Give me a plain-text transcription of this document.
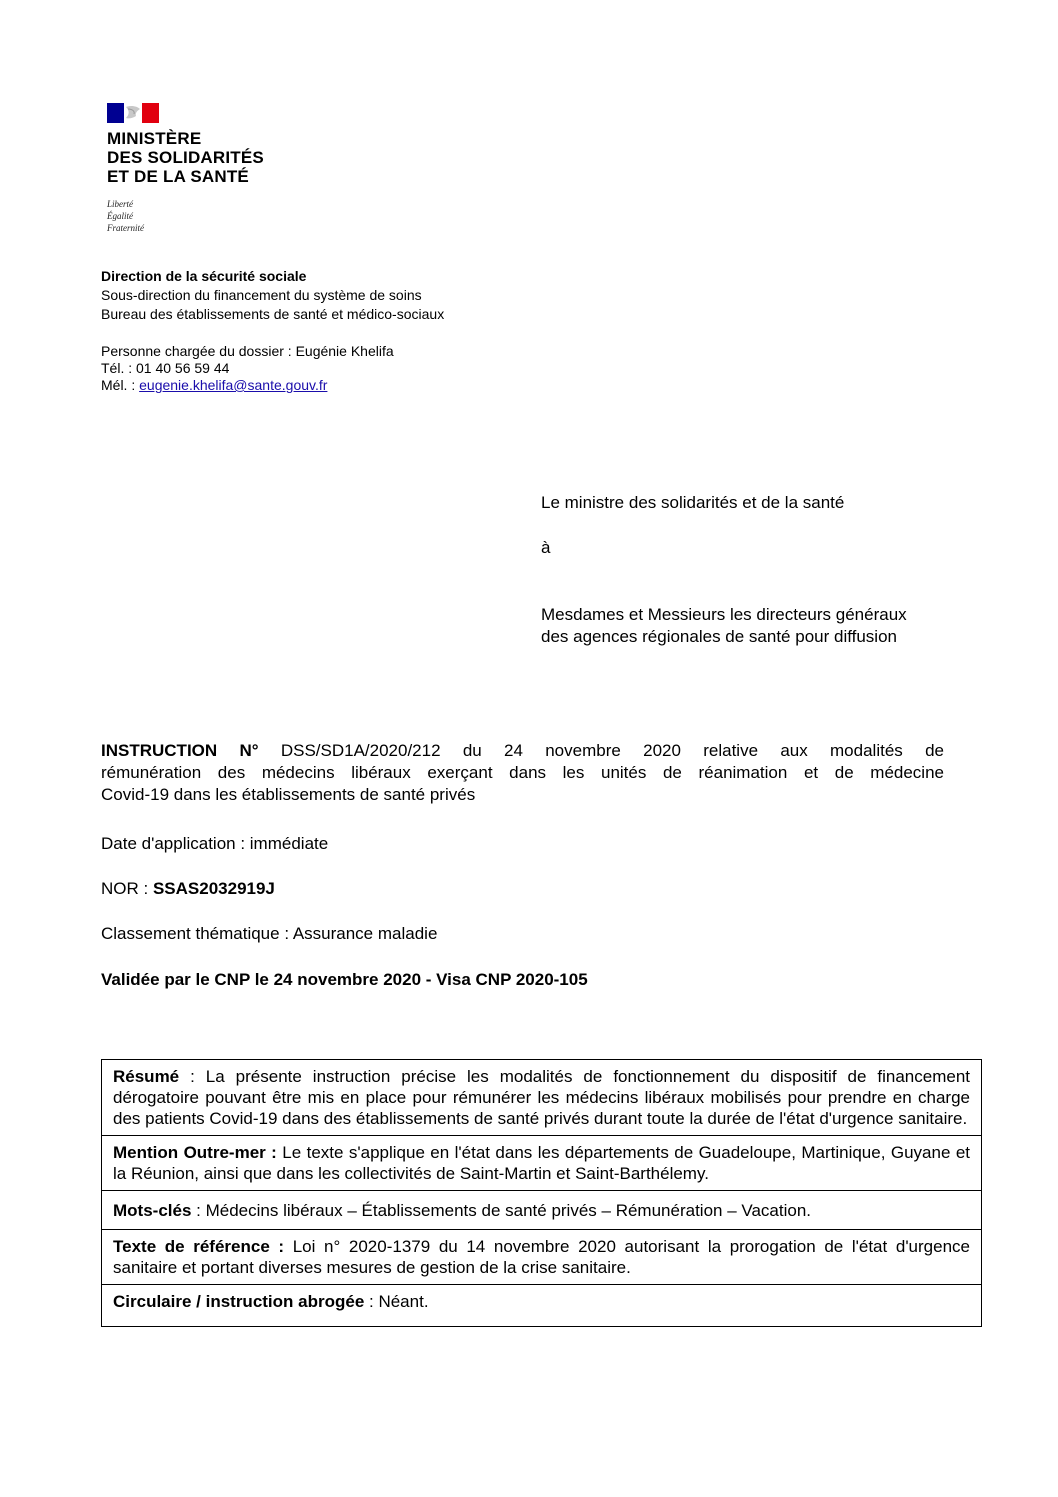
MINISTÈRE
DES SOLIDARITÉS
ET DE LA SANTÉ
Liberté
Égalité
Fraternité
Direction de la sécurité sociale
Sous-direction du financement du système de soins
Bureau des établissements de santé et médico-sociaux
Personne chargée du dossier : Eugénie Khelifa
Tél. : 01 40 56 59 44
Mél. : eugenie.khelifa@sante.gouv.fr
Le ministre des solidarités et de la santé
à
Mesdames et Messieurs les directeurs généraux
des agences régionales de santé pour diffusion
INSTRUCTION N° DSS/SD1A/2020/212 du 24 novembre 2020 relative aux modalités de
rémunération des médecins libéraux exerçant dans les unités de réanimation et de médecine
Covid-19 dans les établissements de santé privés
Date d'application : immédiate
NOR : SSAS2032919J
Classement thématique : Assurance maladie
Validée par le CNP le 24 novembre 2020 - Visa CNP 2020-105
Résumé : La présente instruction précise les modalités de fonctionnement du dispositif de financement dérogatoire pouvant être mis en place pour rémunérer les médecins libéraux mobilisés pour prendre en charge des patients Covid-19 dans des établissements de santé privés durant toute la durée de l'état d'urgence sanitaire.
Mention Outre-mer : Le texte s'applique en l'état dans les départements de Guadeloupe, Martinique, Guyane et la Réunion, ainsi que dans les collectivités de Saint-Martin et Saint-Barthélemy.
Mots-clés : Médecins libéraux – Établissements de santé privés – Rémunération – Vacation.
Texte de référence : Loi n° 2020-1379 du 14 novembre 2020 autorisant la prorogation de l'état d'urgence sanitaire et portant diverses mesures de gestion de la crise sanitaire.
Circulaire / instruction abrogée : Néant.
